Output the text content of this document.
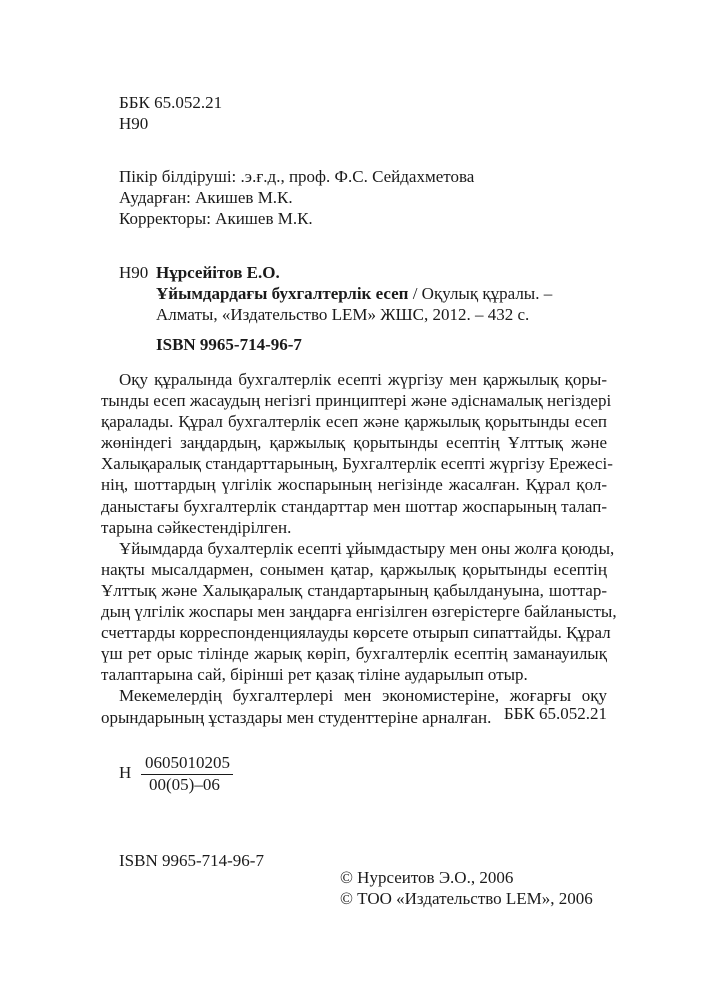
ББК 65.052.21
Н90
Пікір білдіруші: .э.ғ.д., проф. Ф.С. Сейдахметова
Аударған: Акишев М.К.
Корректоры: Акишев М.К.
Н90 Нұрсейітов Е.О.
Ұйымдардағы бухгалтерлік есеп / Оқулық құралы. –
Алматы, «Издательство LEM» ЖШС, 2012. – 432 с.
ISBN 9965-714-96-7

Оқу құралында бухгалтерлік есепті жүргізу мен қаржылық қоры-
тынды есеп жасаудың негізгі принциптері және әдіснамалық негіздері
қаралады. Құрал бухгалтерлік есеп және қаржылық қорытынды есеп
жөніндегі заңдардың, қаржылық қорытынды есептің Ұлттық және
Халықаралық стандарттарының, Бухгалтерлік есепті жүргізу Ережесі-
нің, шоттардың үлгілік жоспарының негізінде жасалған. Құрал қол-
даныстағы бухгалтерлік стандарттар мен шоттар жоспарының талап-
тарына сәйкестендірілген.

Ұйымдарда бухалтерлік есепті ұйымдастыру мен оны жолға қоюды,
нақты мысалдармен, сонымен қатар, қаржылық қорытынды есептің
Ұлттық және Халықаралық стандартарының қабылдануына, шоттар-
дың үлгілік жоспары мен заңдарға енгізілген өзгерістерге байланысты,
счеттарды корреспонденциялауды көрсете отырып сипаттайды. Құрал
үш рет орыс тілінде жарық көріп, бухгалтерлік есептің заманауилық
талаптарына сай, бірінші рет қазақ тіліне аударылып отыр.

Мекемелердің бухгалтерлері мен экономистеріне, жоғарғы оқу
орындарының ұстаздары мен студенттеріне арналған. ББК 65.052.21
Н
0605010205
00(05)–06
ISBN 9965-714-96-7
© Нурсеитов Э.О., 2006
© ТОО «Издательство LEM», 2006
